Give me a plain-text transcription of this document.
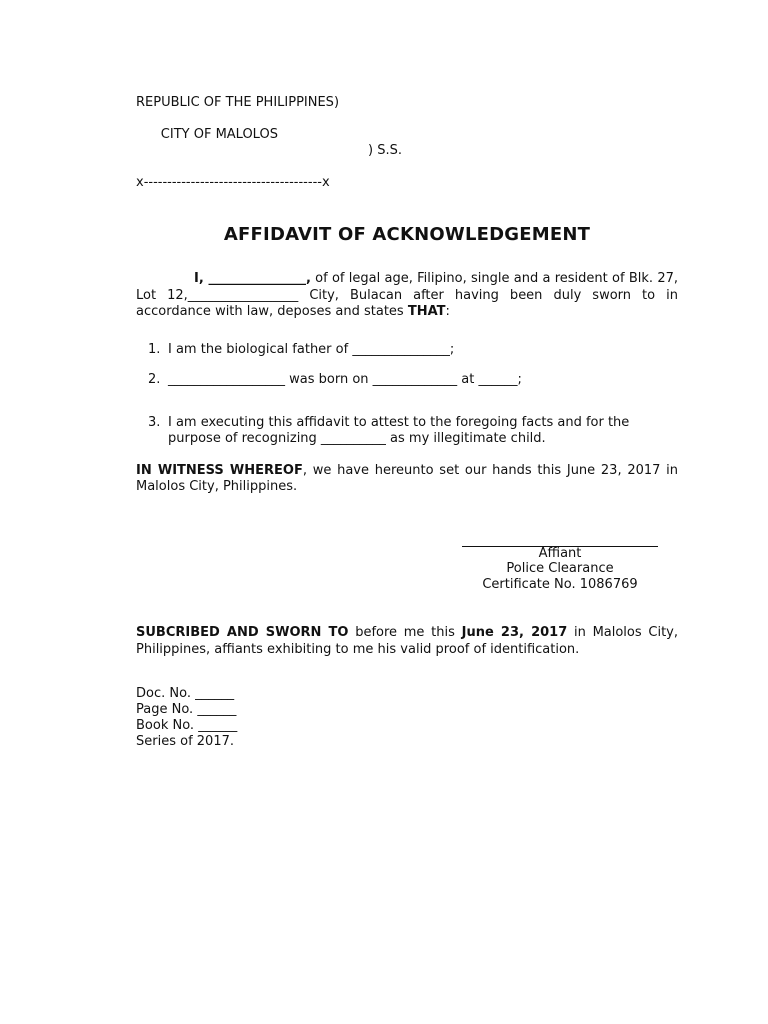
REPUBLIC OF THE PHILIPPINES)

CITY OF MALOLOS

) S.S.

x--------------------------------------x
AFFIDAVIT OF ACKNOWLEDGEMENT
I, _______________, of of legal age, Filipino, single and a resident of Blk. 27, Lot 12,_________________ City, Bulacan after having been duly sworn to in accordance with law, deposes and states THAT:
1. I am the biological father of _______________;
2. __________________ was born on _____________ at ______;
3. I am executing this affidavit to attest to the foregoing facts and for the purpose of recognizing __________ as my illegitimate child.
IN WITNESS WHEREOF, we have hereunto set our hands this June 23, 2017 in Malolos City, Philippines.
Affiant
Police Clearance
Certificate No. 1086769
SUBCRIBED AND SWORN TO before me this June 23, 2017 in Malolos City, Philippines, affiants exhibiting to me his valid proof of identification.
Doc. No. ______
Page No. ______
Book No. ______
Series of 2017.
